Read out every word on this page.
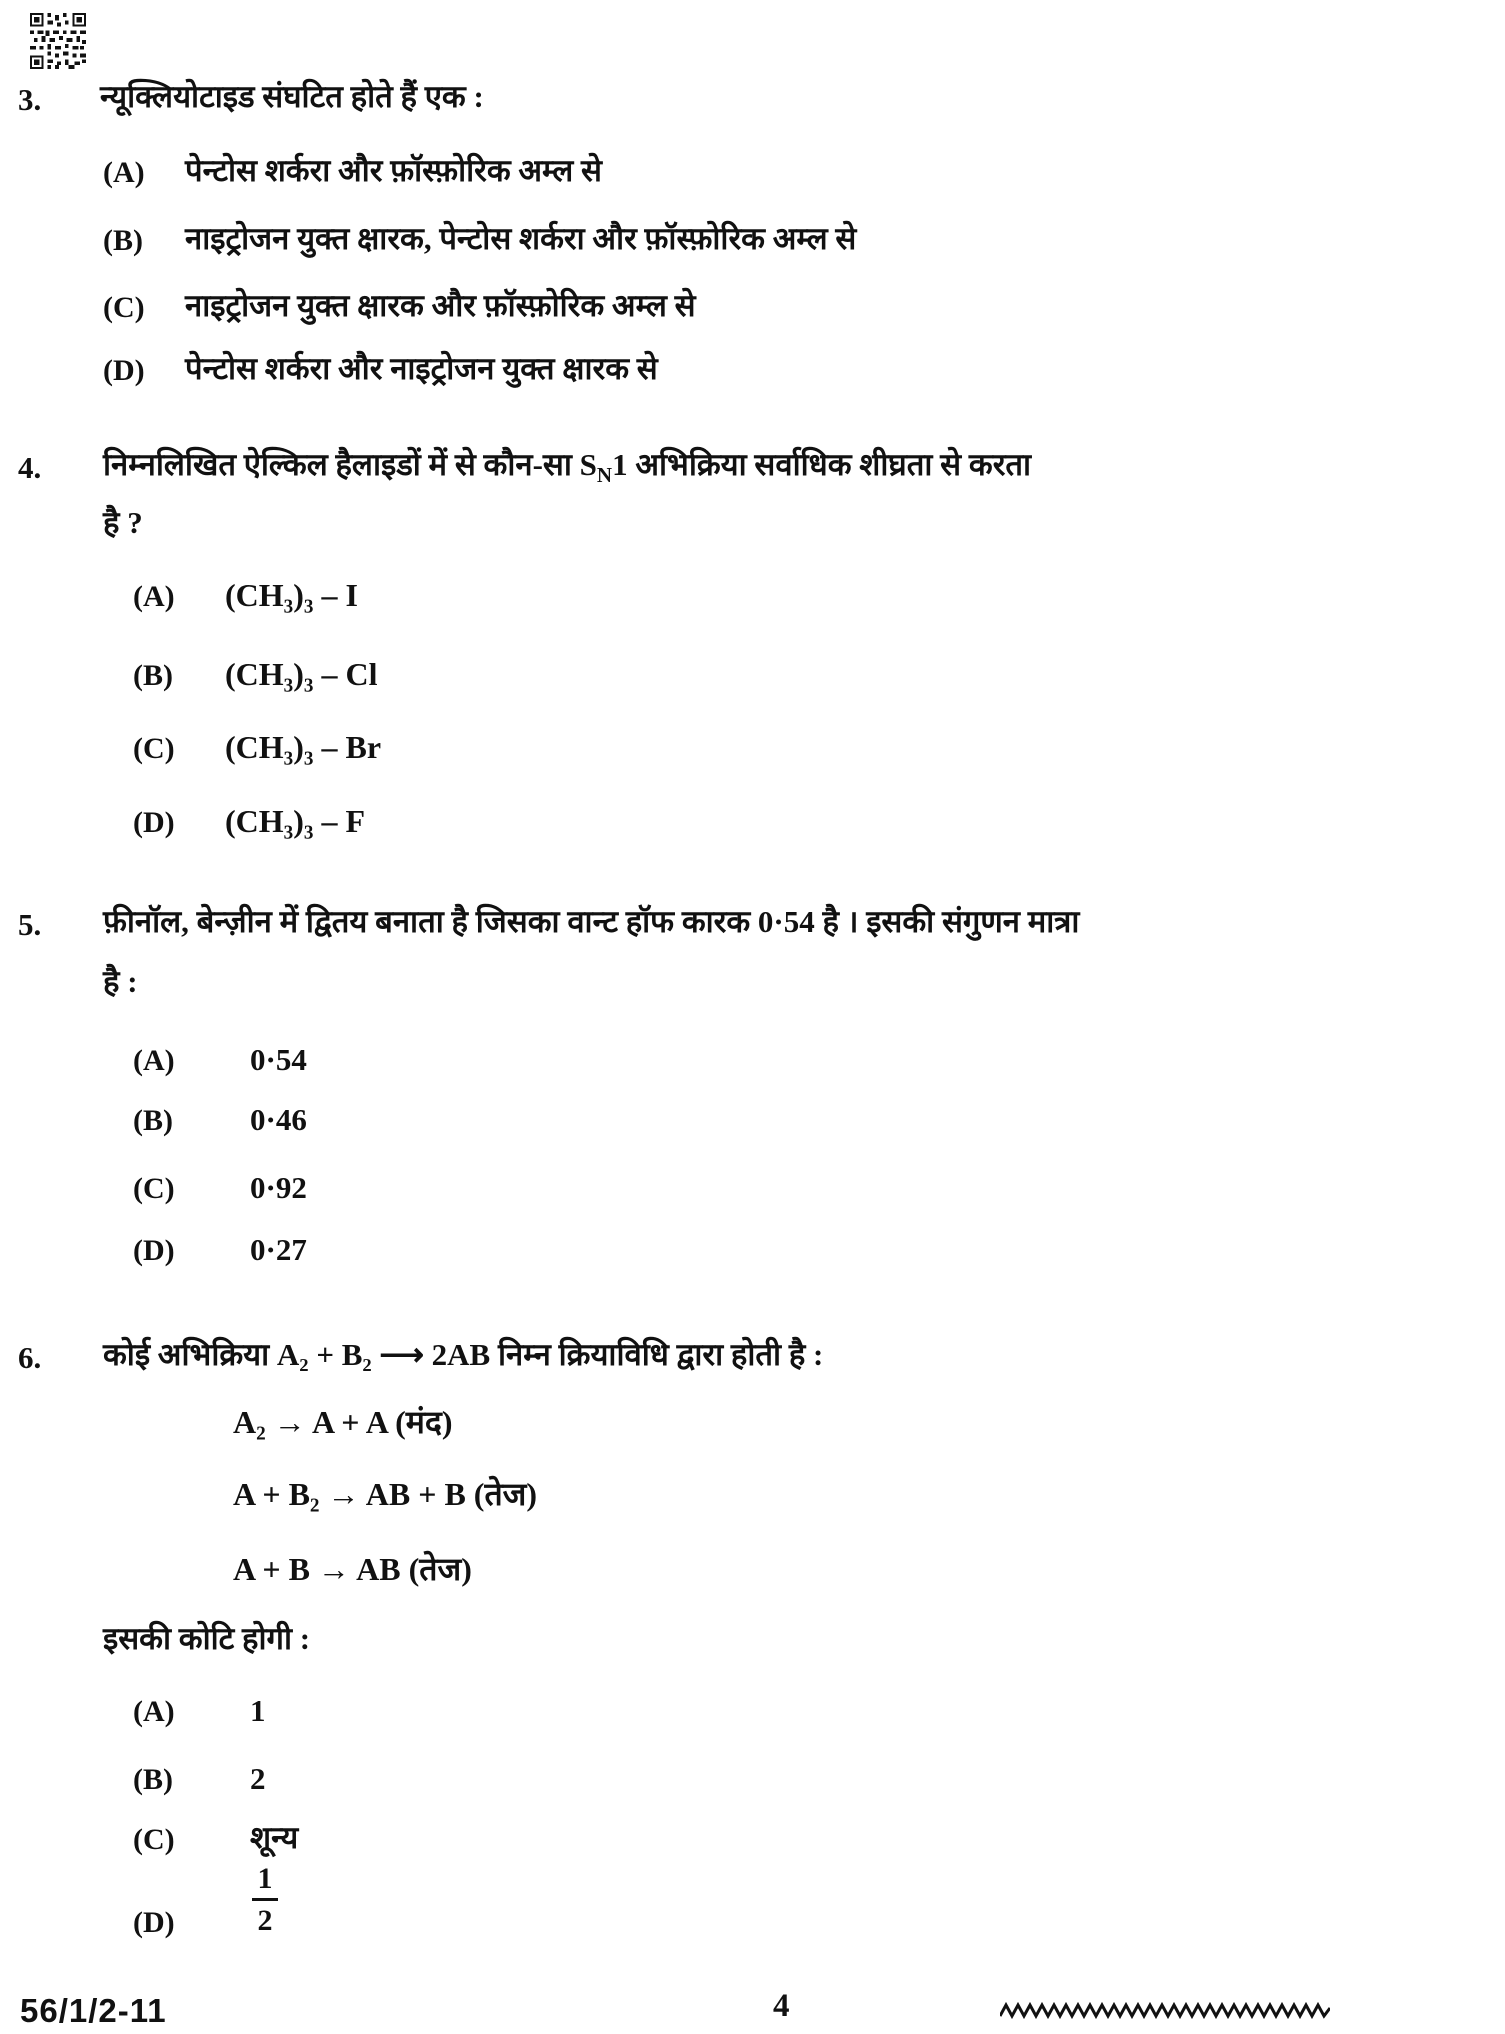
3. न्यूक्लियोटाइड संघटित होते हैं एक :
(A) पेन्टोस शर्करा और फ़ॉस्फ़ोरिक अम्ल से
(B) नाइट्रोजन युक्त क्षारक, पेन्टोस शर्करा और फ़ॉस्फ़ोरिक अम्ल से
(C) नाइट्रोजन युक्त क्षारक और फ़ॉस्फ़ोरिक अम्ल से
(D) पेन्टोस शर्करा और नाइट्रोजन युक्त क्षारक से
4. निम्नलिखित ऐल्किल हैलाइडों में से कौन-सा $S_N1$ अभिक्रिया सर्वाधिक शीघ्रता से करता
है ?
(A) (CH₃)₃ – I
(B) (CH₃)₃ – Cl
(C) (CH₃)₃ – Br
(D) (CH₃)₃ – F
5. फ़ीनॉल, बेन्ज़ीन में द्वितय बनाता है जिसका वान्ट हॉफ कारक 0·54 है । इसकी संगुणन मात्रा
है :
(A) 0·54
(B) 0·46
(C) 0·92
(D) 0·27
6. कोई अभिक्रिया A₂ + B₂ ⟶ 2AB निम्न क्रियाविधि द्वारा होती है :
A₂ → A + A (मंद)
A + B₂ → AB + B (तेज)
A + B → AB (तेज)
इसकी कोटि होगी :
(A) 1
(B) 2
(C) शून्य
(D)
1
2
56/1/2-11	4
